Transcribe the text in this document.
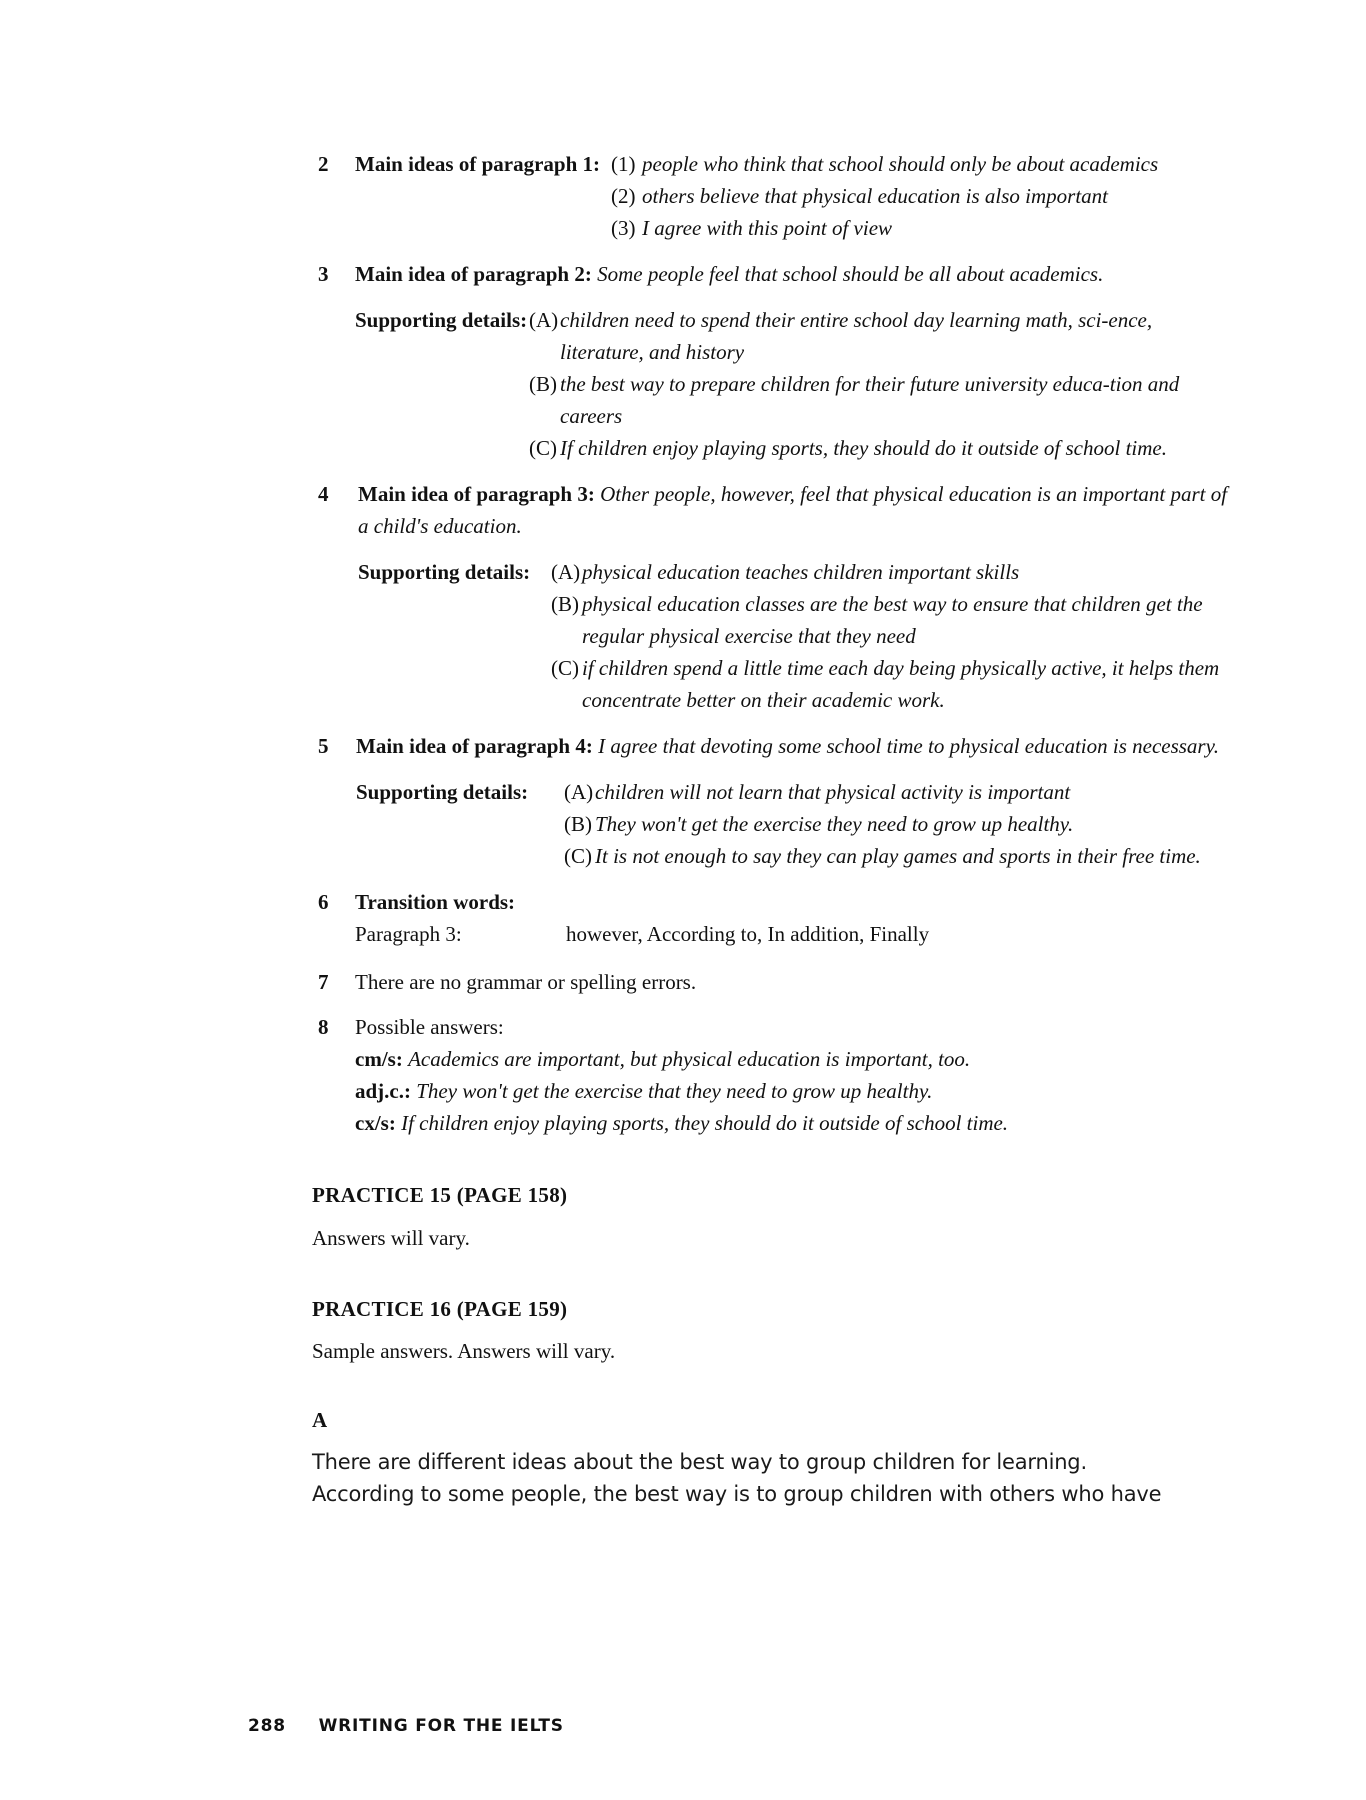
2	Main ideas of paragraph 1: (1) people who think that school should only be about academics
(2) others believe that physical education is also important
(3) I agree with this point of view
3	Main idea of paragraph 2: Some people feel that school should be all about academics.
Supporting details: (A) children need to spend their entire school day learning math, sci-ence, literature, and history
(B) the best way to prepare children for their future university educa-tion and careers
(C) If children enjoy playing sports, they should do it outside of school time.
4	Main idea of paragraph 3: Other people, however, feel that physical education is an important part of a child's education.
Supporting details: (A) physical education teaches children important skills
(B) physical education classes are the best way to ensure that children get the regular physical exercise that they need
(C) if children spend a little time each day being physically active, it helps them concentrate better on their academic work.
5	Main idea of paragraph 4: I agree that devoting some school time to physical education is necessary.
Supporting details:	(A) children will not learn that physical activity is important
(B) They won't get the exercise they need to grow up healthy.
(C) It is not enough to say they can play games and sports in their free time.
6	Transition words:
Paragraph 3:	however, According to, In addition, Finally
7	There are no grammar or spelling errors.
8	Possible answers:
cm/s: Academics are important, but physical education is important, too.
adj.c.: They won't get the exercise that they need to grow up healthy.
cx/s: If children enjoy playing sports, they should do it outside of school time.
PRACTICE 15 (PAGE 158)
Answers will vary.
PRACTICE 16 (PAGE 159)
Sample answers. Answers will vary.
A
There are different ideas about the best way to group children for learning.
According to some people, the best way is to group children with others who have
288 WRITING FOR THE IELTS
